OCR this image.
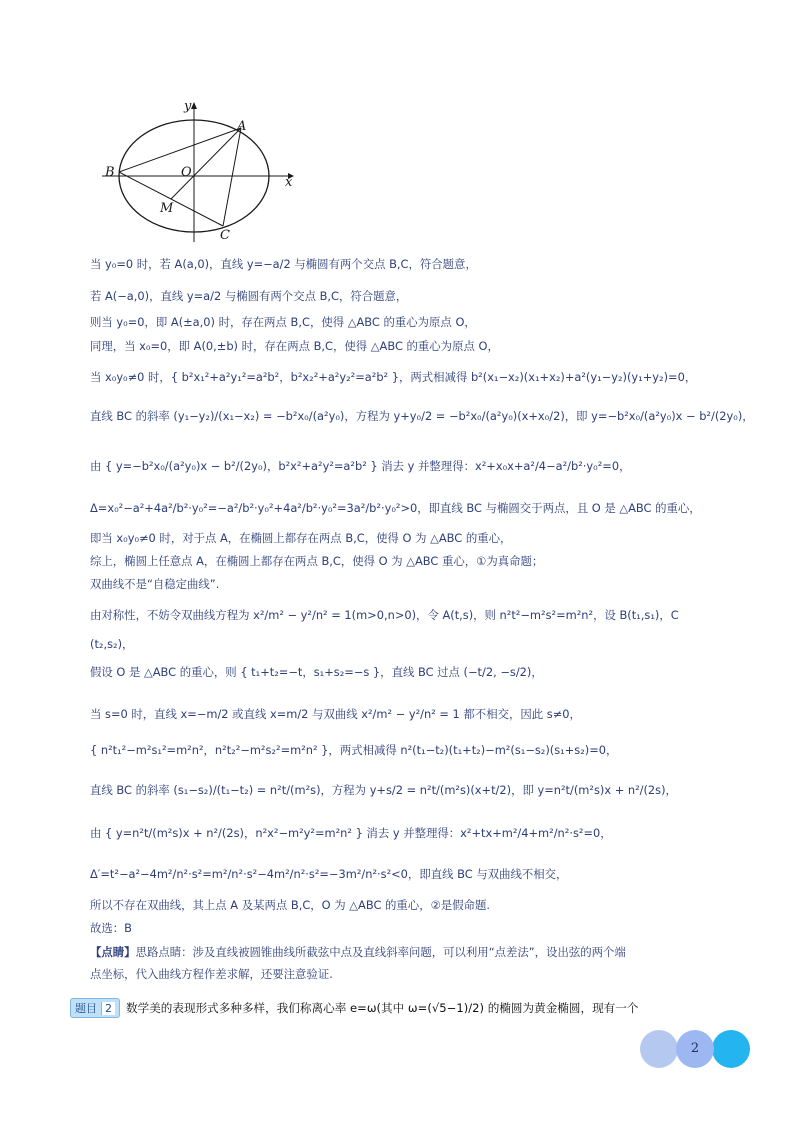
y
x
A
B	O
M
C
当 y₀=0 时，若 A(a,0)，直线 y=−a/2 与椭圆有两个交点 B,C，符合题意，
若 A(−a,0)，直线 y=a/2 与椭圆有两个交点 B,C，符合题意，
则当 y₀=0，即 A(±a,0) 时，存在两点 B,C，使得 △ABC 的重心为原点 O，
同理，当 x₀=0，即 A(0,±b) 时，存在两点 B,C，使得 △ABC 的重心为原点 O，
当 x₀y₀≠0 时，{ b²x₁²+a²y₁²=a²b²，b²x₂²+a²y₂²=a²b² }，两式相减得 b²(x₁−x₂)(x₁+x₂)+a²(y₁−y₂)(y₁+y₂)=0，
直线 BC 的斜率 (y₁−y₂)/(x₁−x₂) = −b²x₀/(a²y₀)，方程为 y+y₀/2 = −b²x₀/(a²y₀)(x+x₀/2)，即 y=−b²x₀/(a²y₀)x − b²/(2y₀)，
由 { y=−b²x₀/(a²y₀)x − b²/(2y₀)，b²x²+a²y²=a²b² } 消去 y 并整理得：x²+x₀x+a²/4−a²/b²·y₀²=0，
Δ=x₀²−a²+4a²/b²·y₀²=−a²/b²·y₀²+4a²/b²·y₀²=3a²/b²·y₀²>0，即直线 BC 与椭圆交于两点，且 O 是 △ABC 的重心，
即当 x₀y₀≠0 时，对于点 A，在椭圆上都存在两点 B,C，使得 O 为 △ABC 的重心，
综上，椭圆上任意点 A，在椭圆上都存在两点 B,C，使得 O 为 △ABC 重心，①为真命题；
双曲线不是“自稳定曲线”.
由对称性，不妨令双曲线方程为 x²/m² − y²/n² = 1(m>0,n>0)，令 A(t,s)，则 n²t²−m²s²=m²n²，设 B(t₁,s₁)，C
(t₂,s₂)，
假设 O 是 △ABC 的重心，则 { t₁+t₂=−t，s₁+s₂=−s }，直线 BC 过点 (−t/2, −s/2)，
当 s=0 时，直线 x=−m/2 或直线 x=m/2 与双曲线 x²/m² − y²/n² = 1 都不相交，因此 s≠0，
{ n²t₁²−m²s₁²=m²n²，n²t₂²−m²s₂²=m²n² }，两式相减得 n²(t₁−t₂)(t₁+t₂)−m²(s₁−s₂)(s₁+s₂)=0，
直线 BC 的斜率 (s₁−s₂)/(t₁−t₂) = n²t/(m²s)，方程为 y+s/2 = n²t/(m²s)(x+t/2)，即 y=n²t/(m²s)x + n²/(2s)，
由 { y=n²t/(m²s)x + n²/(2s)，n²x²−m²y²=m²n² } 消去 y 并整理得：x²+tx+m²/4+m²/n²·s²=0，
Δ′=t²−a²−4m²/n²·s²=m²/n²·s²−4m²/n²·s²=−3m²/n²·s²<0，即直线 BC 与双曲线不相交，
所以不存在双曲线，其上点 A 及某两点 B,C，O 为 △ABC 的重心，②是假命题.
故选：B
【点睛】思路点睛：涉及直线被圆锥曲线所截弦中点及直线斜率问题，可以利用“点差法”，设出弦的两个端
点坐标，代入曲线方程作差求解，还要注意验证.
题目 2 数学美的表现形式多种多样，我们称离心率 e=ω(其中 ω=(√5−1)/2) 的椭圆为黄金椭圆，现有一个
2
